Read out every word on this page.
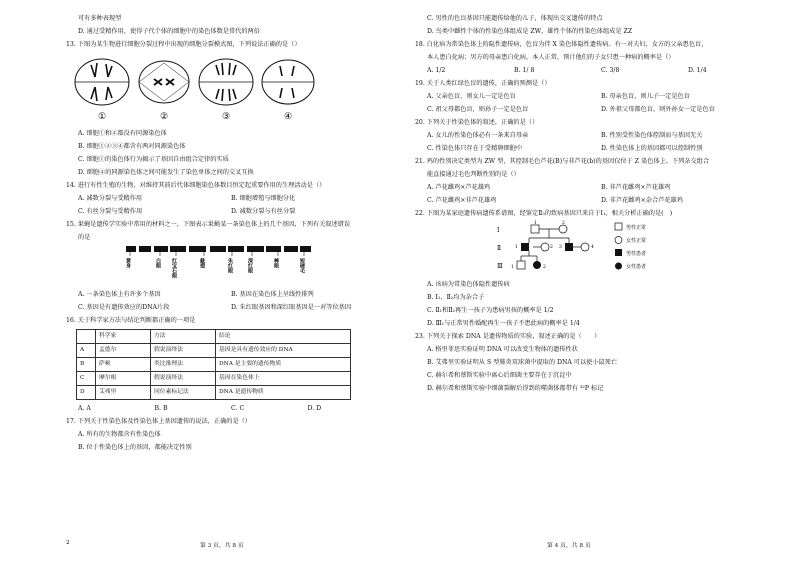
可有多种表现型
D. 通过受精作用，使得子代个体的细胞中的染色体数是常代的两倍
13. 下图为某生物进行细胞分裂过程中出现的细胞分裂模式图，下列说法正确的是（）
①	②	③	④
A. 细胞①和④都没有同源染色体
B. 细胞①②③④都含有两对同源染色体
C. 细胞①的染色体行为揭示了基因自由组合定律的实质
D. 细胞④的同源染色体之间可能发生了染色单体之间的交叉互换
14. 进行有性生殖的生物，对维持其前后代体细胞染色体数目恒定起重要作用的生理活动是（）
A. 减数分裂与受精作用	B. 细胞增殖与细胞分化
C. 有丝分裂与受精作用	D. 减数分裂与有丝分裂
15. 果蝇是遗传学实验中常用的材料之一，下图表示果蝇某一条染色体上的几个基因，下列有关叙述错误
的是
黄身	白眼 红宝石眼	截翅	朱红眼	深红眼	棒眼	短硬毛
A. 一条染色体上有许多个基因	B. 基因在染色体上呈线性排列
C. 基因是有遗传效应的DNA片段	D. 朱红眼基因和深红眼基因是一对等位基因
16. 关于科学家方法与结论判断都正确的一项是
	科学家	方法	结论
A	孟德尔	假说演绎法	基因是具有遗传效应的 DNA
B	萨顿	类比推理法	DNA 是主要的遗传物质
C	摩尔根	假说演绎法	基因在染色体上
D	艾弗里	同位素标记法	DNA 是遗传物质
A. A	B. B	C. C	D. D
17. 下列关于性染色体及性染色体上基因遗传的说法，正确的是（）
A. 所有的生物都含有性染色体
B. 位于性染色体上的基因，都能决定性别
2	第 3 页，共 8 页
C. 男性的色盲基因只能遗传给他的儿子，体现出交叉遗传的特点
D. 鸟类中雌性个体的性染色体组成是 ZW，雄性个体的性染色体组成是 ZZ
18. 白化病为常染色体上的隐性遗传病，色盲为伴 X 染色体隐性遗传病。有一对夫妇，女方的父亲患色盲，
本人患白化病；男方的母亲患白化病，本人正常，预计他们的子女只患一种病的概率是（）
A. 1/2	B. 1/ 8	C. 3/8	D. 1/4
19. 关于人类红绿色盲的遗传，正确的预测是（）
A. 父亲色盲，则女儿一定是色盲	B. 母亲色盲，则儿子一定是色盲
C. 祖父母都色盲，则孙子一定是色盲	D. 外祖父母都色盲，则外孙女一定是色盲
20. 下列关于性染色体的叙述，正确的是（）
A. 女儿的性染色体必有一条来自母亲	B. 性别受性染色体控制而与基因无关
C. 性染色体只存在于受精卵细胞中	D. 性染色体上的基因都可以控制性别
21. 鸡的性别决定类型为 ZW 型，其控制毛色芦花(B)与非芦花(b)的基因仅位于 Z 染色体上。下列杂交组合
能直接通过毛色判断性别的是（）
A. 芦花雌鸡×芦花雄鸡	B. 非芦花雌鸡×芦花雄鸡
C. 芦花雌鸡×非芦花雄鸡	D. 非芦花雌鸡×杂合芦花雄鸡
22. 下图为某家庭遗传病遗传系谱图，经鉴定Ⅱ₃的致病基因只来自于Ⅰ₁，相关分析正确的是(　)
Ⅰ
Ⅱ
Ⅲ
1	2
1	2 3	4
1	2
男性正常
女性正常
男性患者
女性患者
A. 该病为常染色体隐性遗传病
B. Ⅰ₁、Ⅱ₂均为杂合子
C. Ⅱ₁和Ⅱ₂再生一孩子为患病男孩的概率是 1/2
D. Ⅲ₁与正常男性婚配再生一孩子不患此病的概率是 1/4
23. 下列关于探索 DNA 是遗传物质的实验，叙述正确的是（　　）
A. 格里菲思实验证明 DNA 可以改变生物体的遗传性状
B. 艾弗里实验证明从 S 型肺炎双球菌中提取的 DNA 可以使小鼠死亡
C. 赫尔希和蔡斯实验中离心后细菌主要存在于沉淀中
D. 赫尔希和蔡斯实验中细菌裂解后得到的噬菌体都带有 ³²P 标记
第 4 页，共 8 页
